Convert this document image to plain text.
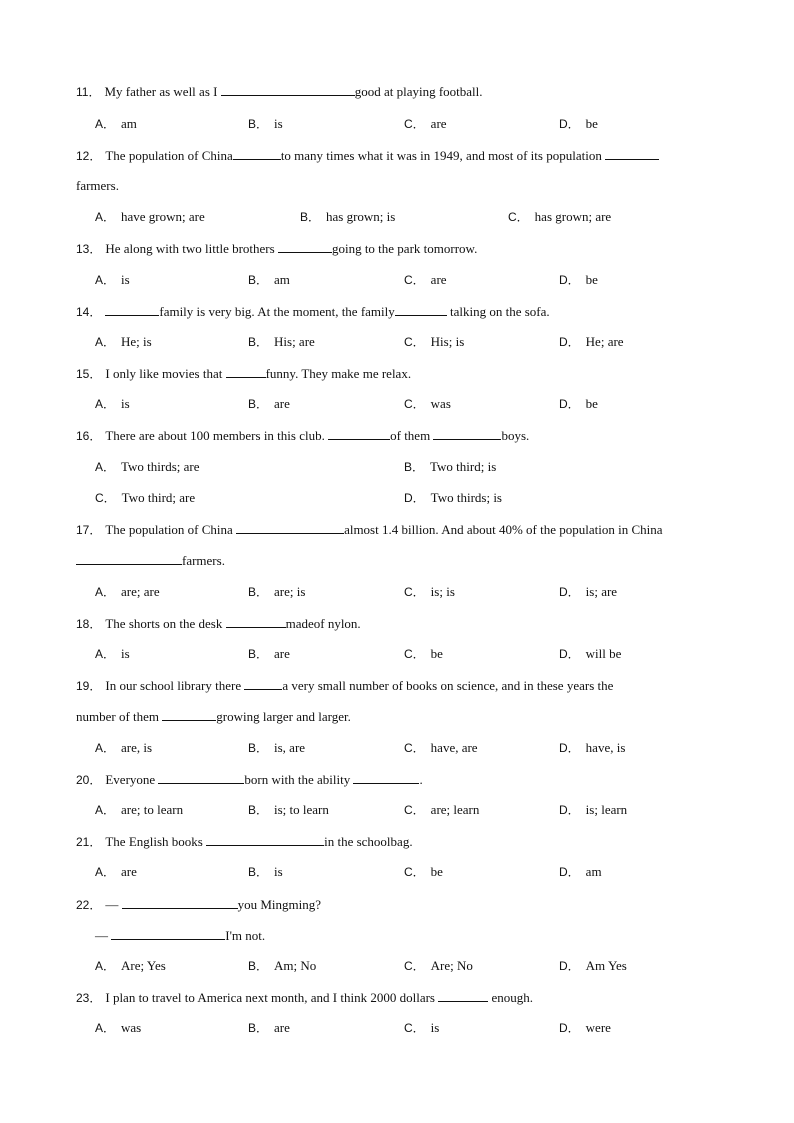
11． My father as well as I	good at playing football.
A． am	B． is	C． are	D． be
12． The population of China	to many times what it was in 1949, and most of its population
farmers.
A． have grown; are	B． has grown; is	C． has grown; are
13． He along with two little brothers	going to the park tomorrow.
A． is	B． am	C． are	D． be
14．	family is very big. At the moment, the family	talking on the sofa.
A． He; is	B． His; are	C． His; is	D． He; are
15． I only like movies that	funny. They make me relax.
A． is	B． are	C． was	D． be
16． There are about 100 members in this club.	of them	boys.
A． Two thirds; are	B． Two third; is
C． Two third; are	D． Two thirds; is
17． The population of China	almost 1.4 billion. And about 40% of the population in China
farmers.
A． are; are	B． are; is	C． is; is	D． is; are
18． The shorts on the desk	madeof nylon.
A． is	B． are	C． be	D． will be
19． In our school library there	a very small number of books on science, and in these years the
number of them	growing larger and larger.
A． are, is	B． is, are	C． have, are	D． have, is
20． Everyone	born with the ability	.
A． are; to learn	B． is; to learn	C． are; learn	D． is; learn
21． The English books	in the schoolbag.
A． are	B． is	C． be	D． am
22． —	you Mingming?
—	I'm not.
A． Are; Yes	B． Am; No	C． Are; No	D． Am Yes
23． I plan to travel to America next month, and I think 2000 dollars	enough.
A． was	B． are	C． is	D． were
